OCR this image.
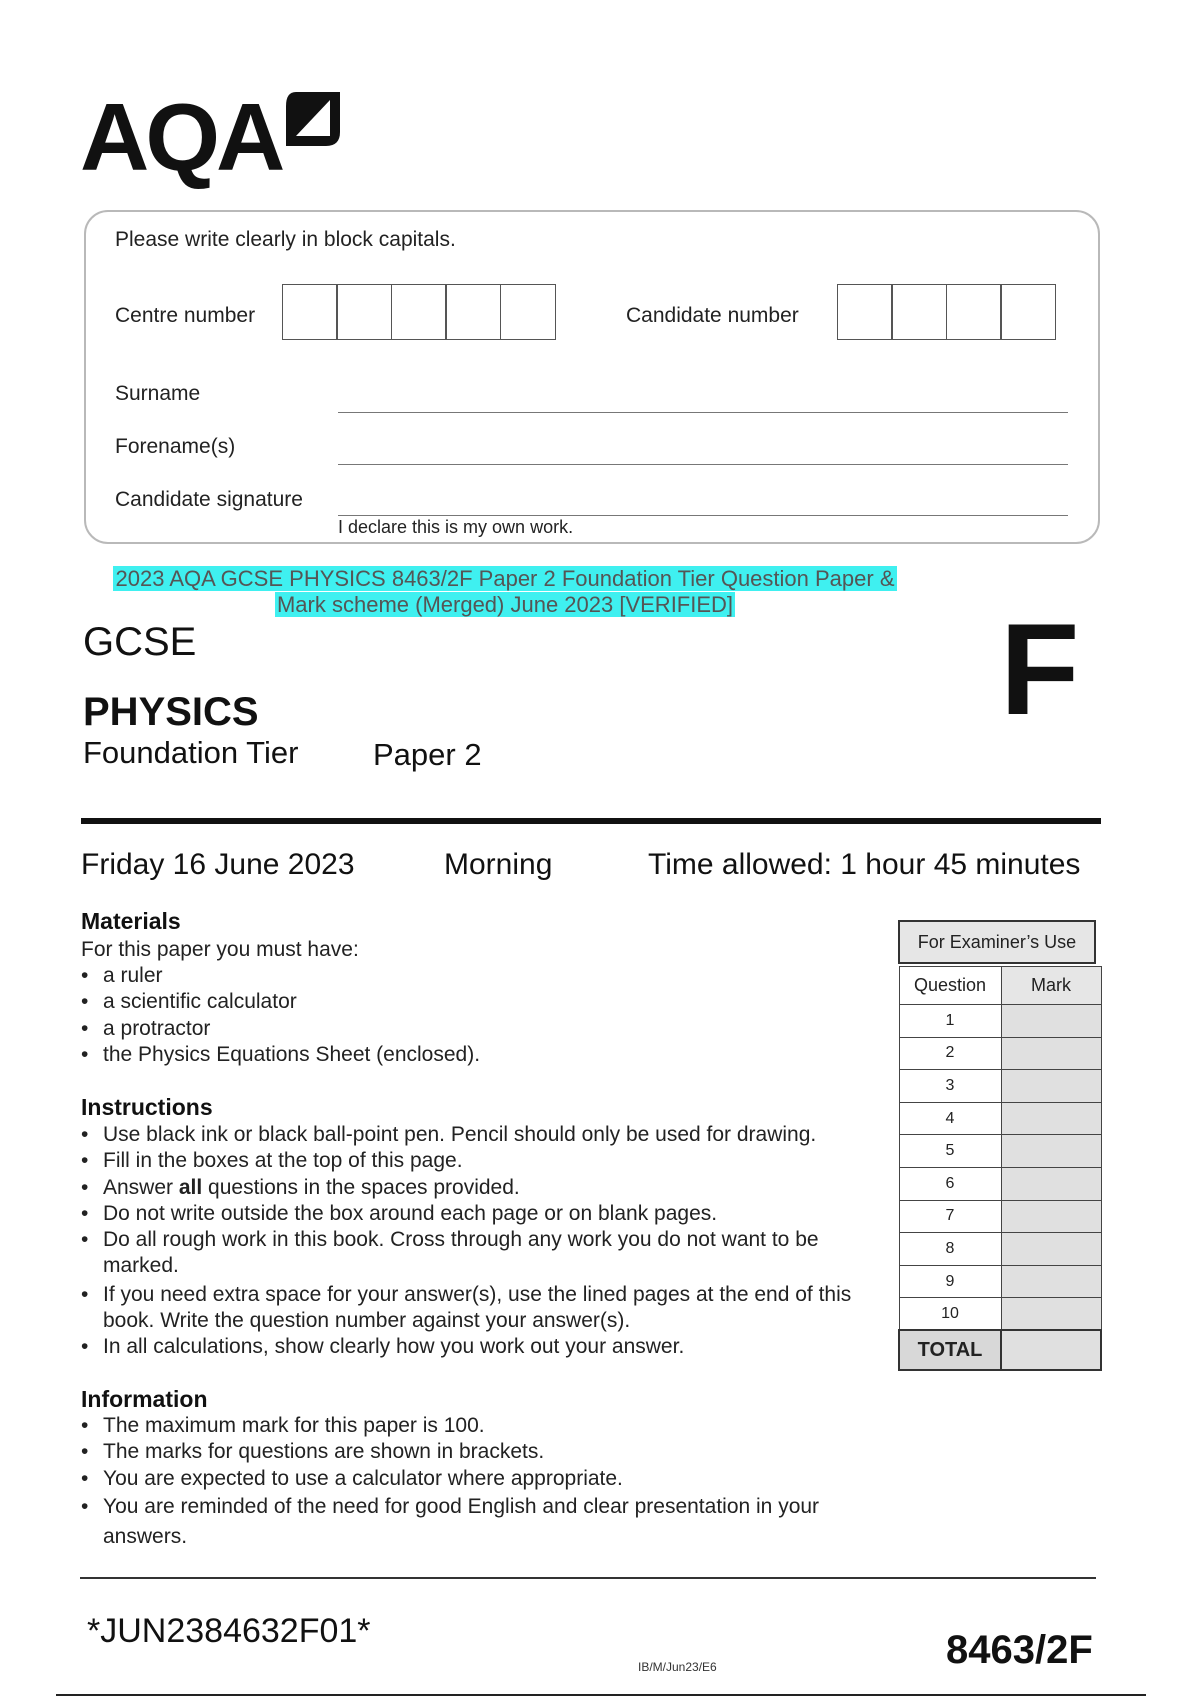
AQA
Please write clearly in block capitals.
Centre number	Candidate number
Surname
Forename(s)
Candidate signature
I declare this is my own work.
2023 AQA GCSE PHYSICS 8463/2F Paper 2 Foundation Tier Question Paper &
Mark scheme (Merged) June 2023 [VERIFIED]
GCSE
PHYSICS
Foundation Tier Paper 2
F
Friday 16 June 2023	Morning	Time allowed: 1 hour 45 minutes
Materials
For this paper you must have:
• a ruler
• a scientific calculator
• a protractor
• the Physics Equations Sheet (enclosed).
Instructions
• Use black ink or black ball-point pen. Pencil should only be used for drawing.
• Fill in the boxes at the top of this page.
• Answer all questions in the spaces provided.
• Do not write outside the box around each page or on blank pages.
• Do all rough work in this book. Cross through any work you do not want to be marked.
• If you need extra space for your answer(s), use the lined pages at the end of this book. Write the question number against your answer(s).
• In all calculations, show clearly how you work out your answer.
Information
• The maximum mark for this paper is 100.
• The marks for questions are shown in brackets.
• You are expected to use a calculator where appropriate.
• You are reminded of the need for good English and clear presentation in your answers.
For Examiner’s Use
Question	Mark
1	
2	
3	
4	
5	
6	
7	
8	
9	
10	
TOTAL	
*JUN2384632F01*
IB/M/Jun23/E6	8463/2F
